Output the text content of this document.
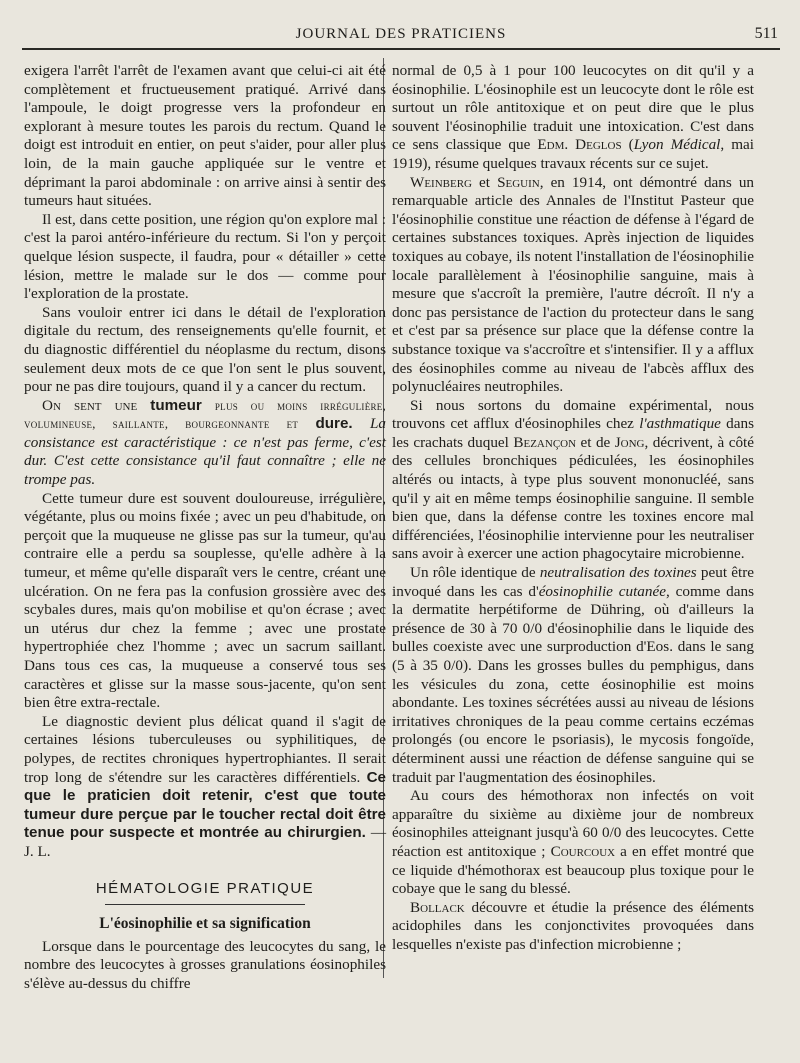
JOURNAL DES PRATICIENS	511

exigera l'arrêt l'arrêt de l'examen avant que celui-ci ait été complètement et fructueusement pratiqué. Arrivé dans l'ampoule, le doigt progresse vers la profondeur en explorant à mesure toutes les parois du rectum. Quand le doigt est introduit en entier, on peut s'aider, pour aller plus loin, de la main gauche appliquée sur le ventre et déprimant la paroi abdominale : on arrive ainsi à sentir des tumeurs haut situées.

Il est, dans cette position, une région qu'on explore mal : c'est la paroi antéro-inférieure du rectum. Si l'on y perçoit quelque lésion suspecte, il faudra, pour « détailler » cette lésion, mettre le malade sur le dos — comme pour l'exploration de la prostate.

Sans vouloir entrer ici dans le détail de l'exploration digitale du rectum, des renseignements qu'elle fournit, et du diagnostic différentiel du néoplasme du rectum, disons seulement deux mots de ce que l'on sent le plus souvent, pour ne pas dire toujours, quand il y a cancer du rectum.

On sent une tumeur plus ou moins irrégulière, volumineuse, saillante, bourgeonnante et dure. La consistance est caractéristique : ce n'est pas ferme, c'est dur. C'est cette consistance qu'il faut connaître ; elle ne trompe pas.

Cette tumeur dure est souvent douloureuse, irrégulière, végétante, plus ou moins fixée ; avec un peu d'habitude, on perçoit que la muqueuse ne glisse pas sur la tumeur, qu'au contraire elle a perdu sa souplesse, qu'elle adhère à la tumeur, et même qu'elle disparaît vers le centre, créant une ulcération. On ne fera pas la confusion grossière avec des scybales dures, mais qu'on mobilise et qu'on écrase ; avec un utérus dur chez la femme ; avec une prostate hypertrophiée chez l'homme ; avec un sacrum saillant. Dans tous ces cas, la muqueuse a conservé tous ses caractères et glisse sur la masse sous-jacente, qu'on sent bien être extra-rectale.

Le diagnostic devient plus délicat quand il s'agit de certaines lésions tuberculeuses ou syphilitiques, de polypes, de rectites chroniques hypertrophiantes. Il serait trop long de s'étendre sur les caractères différentiels. Ce que le praticien doit retenir, c'est que toute tumeur dure perçue par le toucher rectal doit être tenue pour suspecte et montrée au chirurgien. — J. L.

HÉMATOLOGIE PRATIQUE
L'éosinophilie et sa signification

Lorsque dans le pourcentage des leucocytes du sang, le nombre des leucocytes à grosses granulations éosinophiles s'élève au-dessus du chiffre

normal de 0,5 à 1 pour 100 leucocytes on dit qu'il y a éosinophilie. L'éosinophile est un leucocyte dont le rôle est surtout un rôle antitoxique et on peut dire que le plus souvent l'éosinophilie traduit une intoxication. C'est dans ce sens classique que Edm. Deglos (Lyon Médical, mai 1919), résume quelques travaux récents sur ce sujet.

Weinberg et Seguin, en 1914, ont démontré dans un remarquable article des Annales de l'Institut Pasteur que l'éosinophilie constitue une réaction de défense à l'égard de certaines substances toxiques. Après injection de liquides toxiques au cobaye, ils notent l'installation de l'éosinophilie locale parallèlement à l'éosinophilie sanguine, mais à mesure que s'accroît la première, l'autre décroît. Il n'y a donc pas persistance de l'action du protecteur dans le sang et c'est par sa présence sur place que la défense contre la substance toxique va s'accroître et s'intensifier. Il y a afflux des éosinophiles comme au niveau de l'abcès afflux des polynucléaires neutrophiles.

Si nous sortons du domaine expérimental, nous trouvons cet afflux d'éosinophiles chez l'asthmatique dans les crachats duquel Bezançon et de Jong, décrivent, à côté des cellules bronchiques pédiculées, les éosinophiles altérés ou intacts, à type plus souvent mononucléé, sans qu'il y ait en même temps éosinophilie sanguine. Il semble bien que, dans la défense contre les toxines encore mal différenciées, l'éosinophilie intervienne pour les neutraliser sans avoir à exercer une action phagocytaire microbienne.

Un rôle identique de neutralisation des toxines peut être invoqué dans les cas d'éosinophilie cutanée, comme dans la dermatite herpétiforme de Dühring, où d'ailleurs la présence de 30 à 70 0/0 d'éosinophilie dans le liquide des bulles coexiste avec une surproduction d'Eos. dans le sang (5 à 35 0/0). Dans les grosses bulles du pemphigus, dans les vésicules du zona, cette éosinophilie est moins abondante. Les toxines sécrétées aussi au niveau de lésions irritatives chroniques de la peau comme certains eczémas prolongés (ou encore le psoriasis), le mycosis fongoïde, déterminent aussi une réaction de défense sanguine qui se traduit par l'augmentation des éosinophiles.

Au cours des hémothorax non infectés on voit apparaître du sixième au dixième jour de nombreux éosinophiles atteignant jusqu'à 60 0/0 des leucocytes. Cette réaction est antitoxique ; Courcoux a en effet montré que ce liquide d'hémothorax est beaucoup plus toxique pour le cobaye que le sang du blessé.

Bollack découvre et étudie la présence des éléments acidophiles dans les conjonctivites provoquées dans lesquelles n'existe pas d'infection microbienne ;
